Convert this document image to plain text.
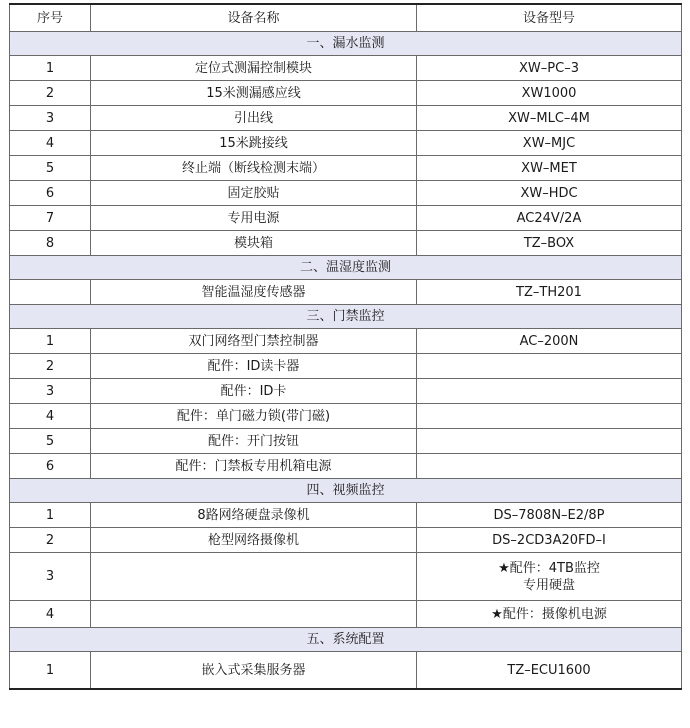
序号	设备名称	设备型号
一、漏水监测		
1	定位式测漏控制模块	XW–PC–3
2	15米测漏感应线	XW1000
3	引出线	XW–MLC–4M
4	15米跳接线	XW–MJC
5	终止端（断线检测末端）	XW–MET
6	固定胶贴	XW–HDC
7	专用电源	AC24V/2A
8	模块箱	TZ–BOX
二、温湿度监测		
	智能温湿度传感器	TZ–TH201
三、门禁监控		
1	双门网络型门禁控制器	AC–200N
2	配件：ID读卡器	
3	配件：ID卡	
4	配件：单门磁力锁(带门磁)	
5	配件：开门按钮	
6	配件：门禁板专用机箱电源	
四、视频监控		
1	8路网络硬盘录像机	DS–7808N–E2/8P
2	枪型网络摄像机	DS–2CD3A20FD–I
3		★配件：4TB监控
专用硬盘
4		★配件：摄像机电源
五、系统配置		
1	嵌入式采集服务器	TZ–ECU1600
